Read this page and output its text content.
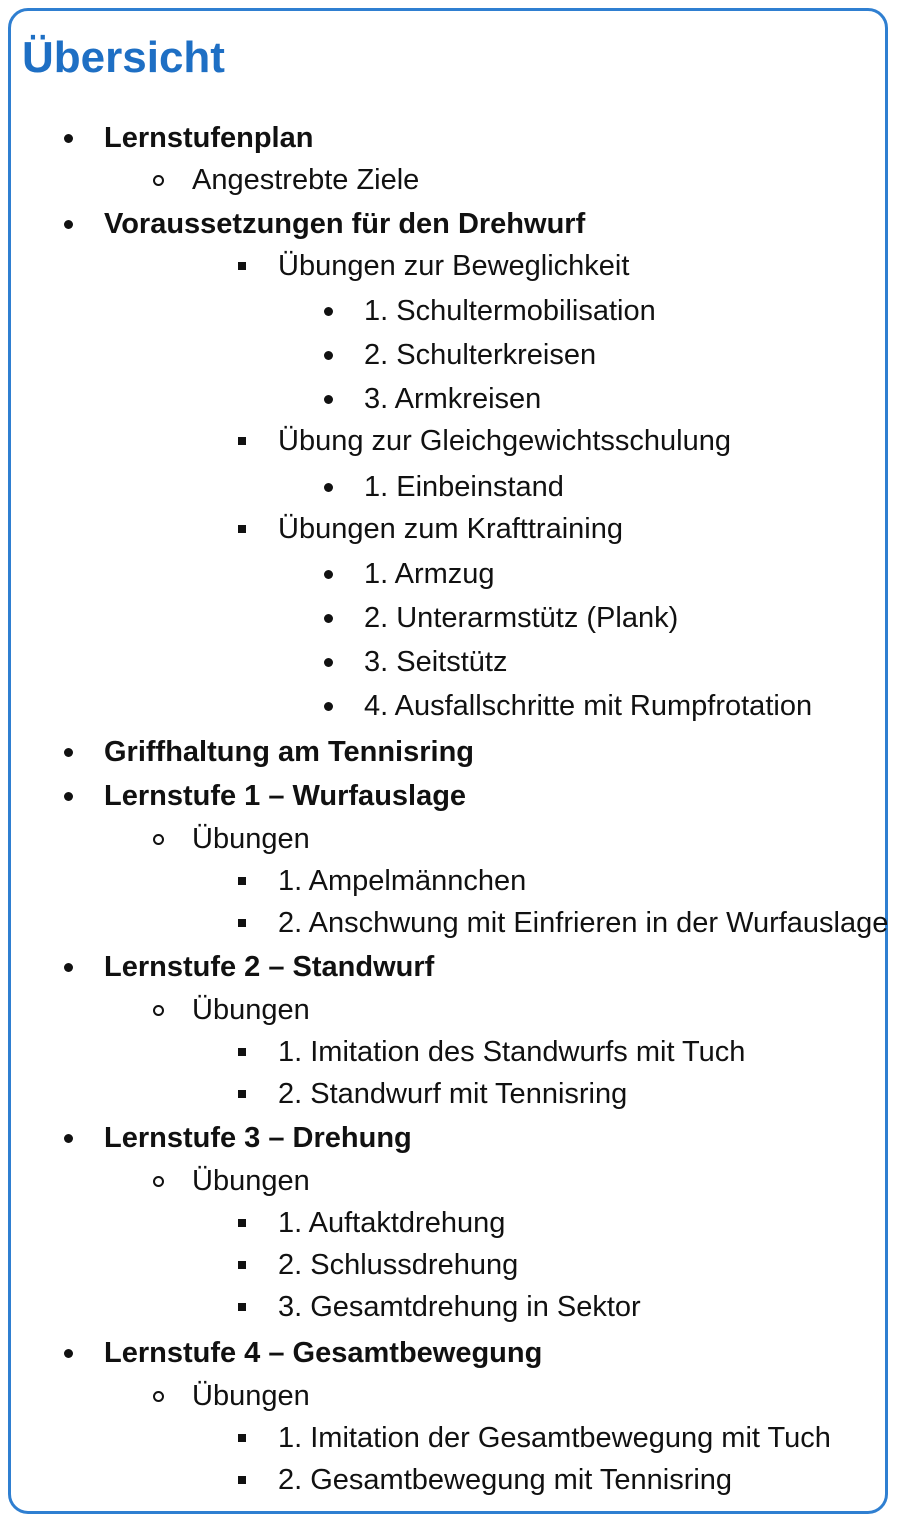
Übersicht
Lernstufenplan
Angestrebte Ziele
Voraussetzungen für den Drehwurf
Übungen zur Beweglichkeit
1. Schultermobilisation
2. Schulterkreisen
3. Armkreisen
Übung zur Gleichgewichtsschulung
1. Einbeinstand
Übungen zum Krafttraining
1. Armzug
2. Unterarmstütz (Plank)
3. Seitstütz
4. Ausfallschritte mit Rumpfrotation
Griffhaltung am Tennisring
Lernstufe 1 – Wurfauslage
Übungen
1. Ampelmännchen
2. Anschwung mit Einfrieren in der Wurfauslage
Lernstufe 2 – Standwurf
Übungen
1. Imitation des Standwurfs mit Tuch
2. Standwurf mit Tennisring
Lernstufe 3 – Drehung
Übungen
1. Auftaktdrehung
2. Schlussdrehung
3. Gesamtdrehung in Sektor
Lernstufe 4 – Gesamtbewegung
Übungen
1. Imitation der Gesamtbewegung mit Tuch
2. Gesamtbewegung mit Tennisring
